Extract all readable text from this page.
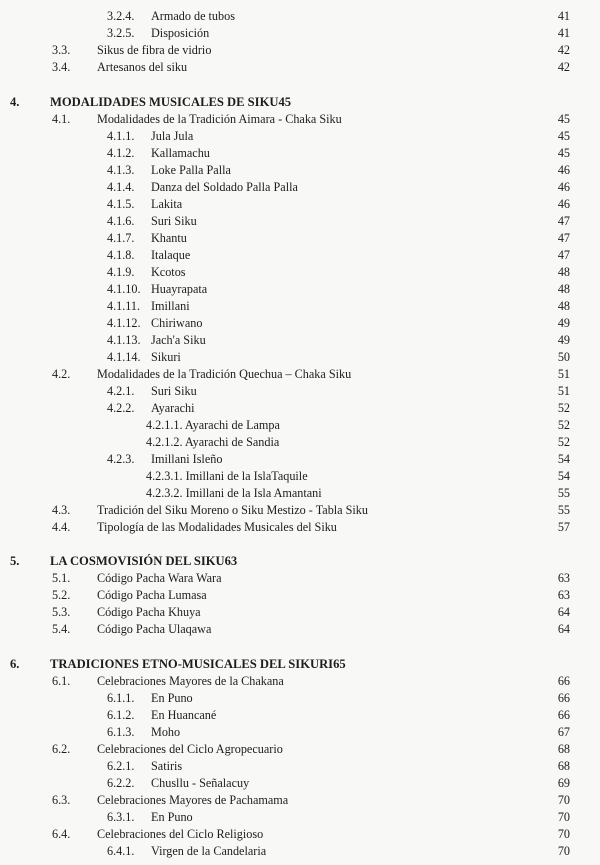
3.2.4. Armado de tubos	41
3.2.5. Disposición	41
3.3. Sikus de fibra de vidrio	42
3.4. Artesanos del siku	42
4. MODALIDADES MUSICALES DE SIKU45
4.1. Modalidades de la Tradición Aimara - Chaka Siku	45
4.1.1. Jula Jula	45
4.1.2. Kallamachu	45
4.1.3. Loke Palla Palla	46
4.1.4. Danza del Soldado Palla Palla	46
4.1.5. Lakita	46
4.1.6. Suri Siku	47
4.1.7. Khantu	47
4.1.8. Italaque	47
4.1.9. Kcotos	48
4.1.10. Huayrapata	48
4.1.11. Imillani	48
4.1.12. Chiriwano	49
4.1.13. Jach'a Siku	49
4.1.14. Sikuri	50
4.2. Modalidades de la Tradición Quechua – Chaka Siku	51
4.2.1. Suri Siku	51
4.2.2. Ayarachi	52
4.2.1.1. Ayarachi de Lampa	52
4.2.1.2. Ayarachi de Sandia	52
4.2.3. Imillani Isleño	54
4.2.3.1. Imillani de la IslaTaquile	54
4.2.3.2. Imillani de la Isla Amantani	55
4.3. Tradición del Siku Moreno o Siku Mestizo - Tabla Siku	55
4.4. Tipología de las Modalidades Musicales del Siku	57
5. LA COSMOVISIÓN DEL SIKU63
5.1. Código Pacha Wara Wara	63
5.2. Código Pacha Lumasa	63
5.3. Código Pacha Khuya	64
5.4. Código Pacha Ulaqawa	64
6. TRADICIONES ETNO-MUSICALES DEL SIKURI65
6.1. Celebraciones Mayores de la Chakana	66
6.1.1. En Puno	66
6.1.2. En Huancané	66
6.1.3. Moho	67
6.2. Celebraciones del Ciclo Agropecuario	68
6.2.1. Satiris	68
6.2.2. Chusllu - Señalacuy	69
6.3. Celebraciones Mayores de Pachamama	70
6.3.1. En Puno	70
6.4. Celebraciones del Ciclo Religioso	70
6.4.1. Virgen de la Candelaria	70
